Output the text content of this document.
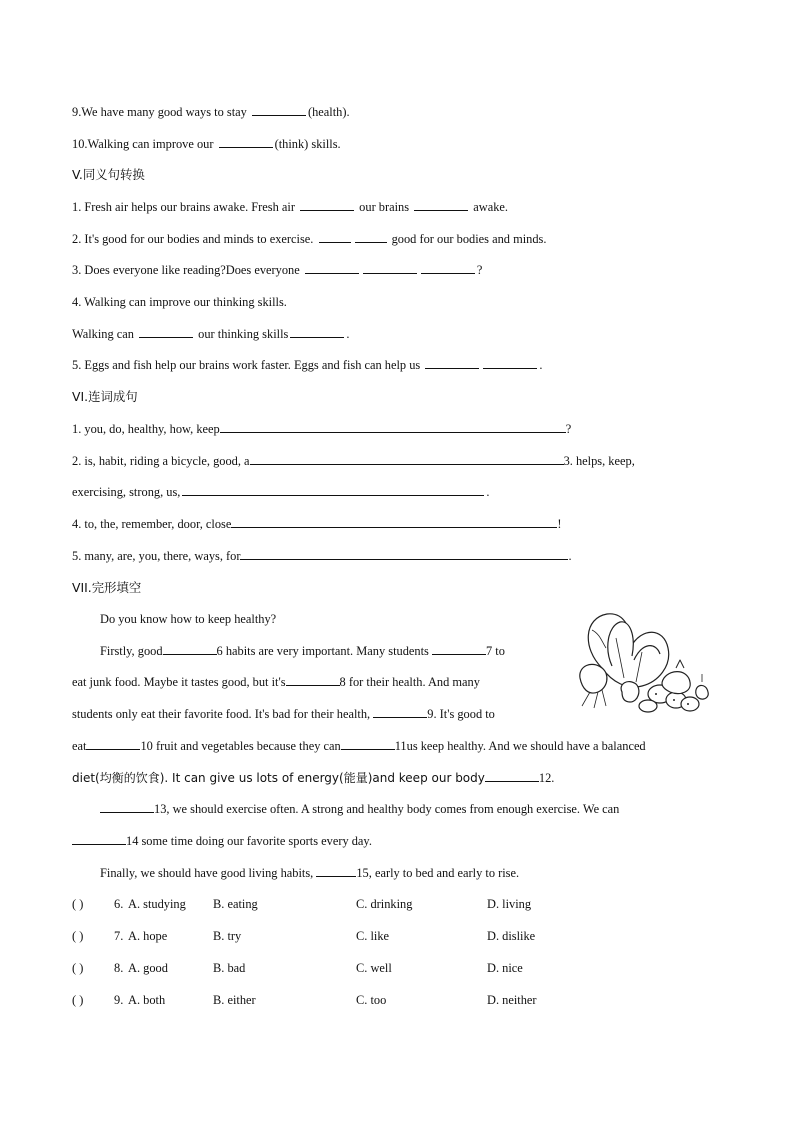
9.We have many good ways to stay	(health).
10.Walking can improve our	(think) skills.
V.同义句转换
1. Fresh air helps our brains awake. Fresh air	our brains	awake.
2. It's good for our bodies and minds to exercise.	good for our bodies and minds.
3. Does everyone like reading?Does everyone	?
4. Walking can improve our thinking skills.
Walking can	our thinking skills	.
5. Eggs and fish help our brains work faster. Eggs and fish can help us	.
VI.连词成句
1. you, do, healthy, how, keep	?
2. is, habit, riding a bicycle, good, a	3. helps, keep,
exercising, strong, us,	.
4. to, the, remember, door, close	!
5. many, are, you, there, ways, for	.
VII.完形填空
Do you know how to keep healthy?
Firstly, good	6 habits are very important. Many students	7 to
eat junk food. Maybe it tastes good, but it's	8 for their health. And many
students only eat their favorite food. It's bad for their health,	9. It's good to
eat	10 fruit and vegetables because they can	11us keep healthy. And we should have a balanced
diet(均衡的饮食). It can give us lots of energy(能量)and keep our body	12.
13, we should exercise often. A strong and healthy body comes from enough exercise. We can
14 some time doing our favorite sports every day.
Finally, we should have good living habits,	15, early to bed and early to rise.
( ) 6. A. studying B. eating	C. drinking	D. living
( ) 7. A. hope	B. try	C. like	D. dislike
( ) 8. A. good	B. bad	C. well	D. nice
( ) 9. A. both	B. either	C. too	D. neither
